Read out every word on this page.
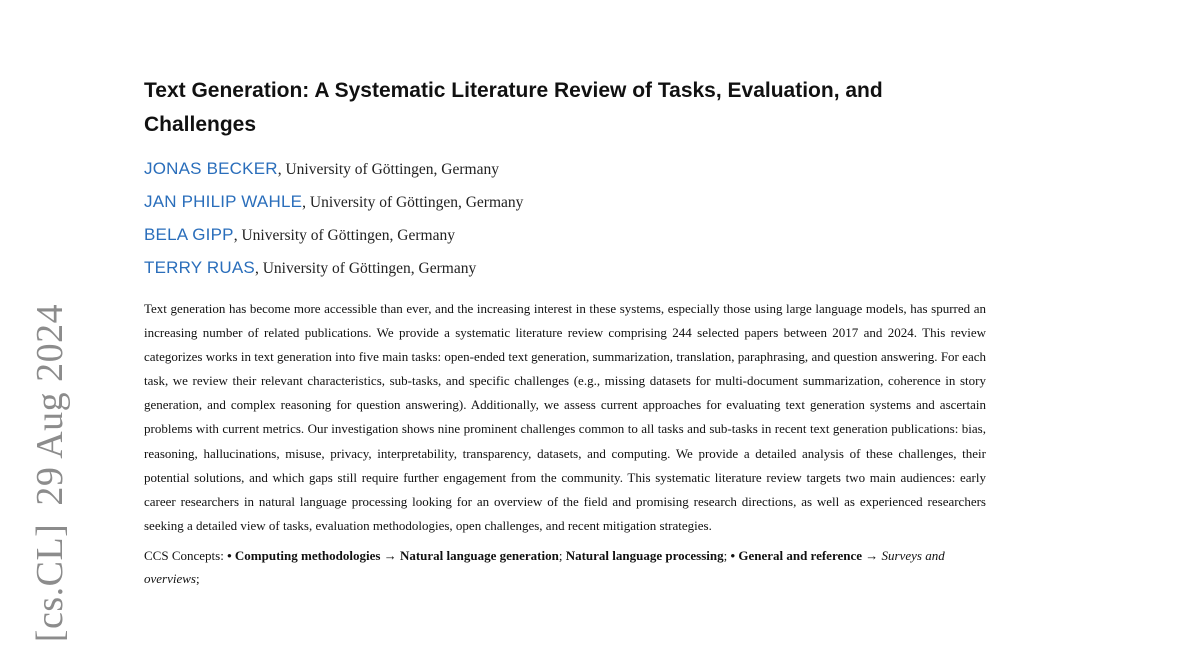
[cs.CL]29 Aug 2024
Text Generation: A Systematic Literature Review of Tasks, Evaluation, and Challenges
JONAS BECKER, University of Göttingen, Germany
JAN PHILIP WAHLE, University of Göttingen, Germany
BELA GIPP, University of Göttingen, Germany
TERRY RUAS, University of Göttingen, Germany

Text generation has become more accessible than ever, and the increasing interest in these systems, especially those using large language models, has spurred an increasing number of related publications. We provide a systematic literature review comprising 244 selected papers between 2017 and 2024. This review categorizes works in text generation into five main tasks: open-ended text generation, summarization, translation, paraphrasing, and question answering. For each task, we review their relevant characteristics, sub-tasks, and specific challenges (e.g., missing datasets for multi-document summarization, coherence in story generation, and complex reasoning for question answering). Additionally, we assess current approaches for evaluating text generation systems and ascertain problems with current metrics. Our investigation shows nine prominent challenges common to all tasks and sub-tasks in recent text generation publications: bias, reasoning, hallucinations, misuse, privacy, interpretability, transparency, datasets, and computing. We provide a detailed analysis of these challenges, their potential solutions, and which gaps still require further engagement from the community. This systematic literature review targets two main audiences: early career researchers in natural language processing looking for an overview of the field and promising research directions, as well as experienced researchers seeking a detailed view of tasks, evaluation methodologies, open challenges, and recent mitigation strategies.

CCS Concepts: • Computing methodologies → Natural language generation; Natural language processing; • General and reference → Surveys and overviews;
